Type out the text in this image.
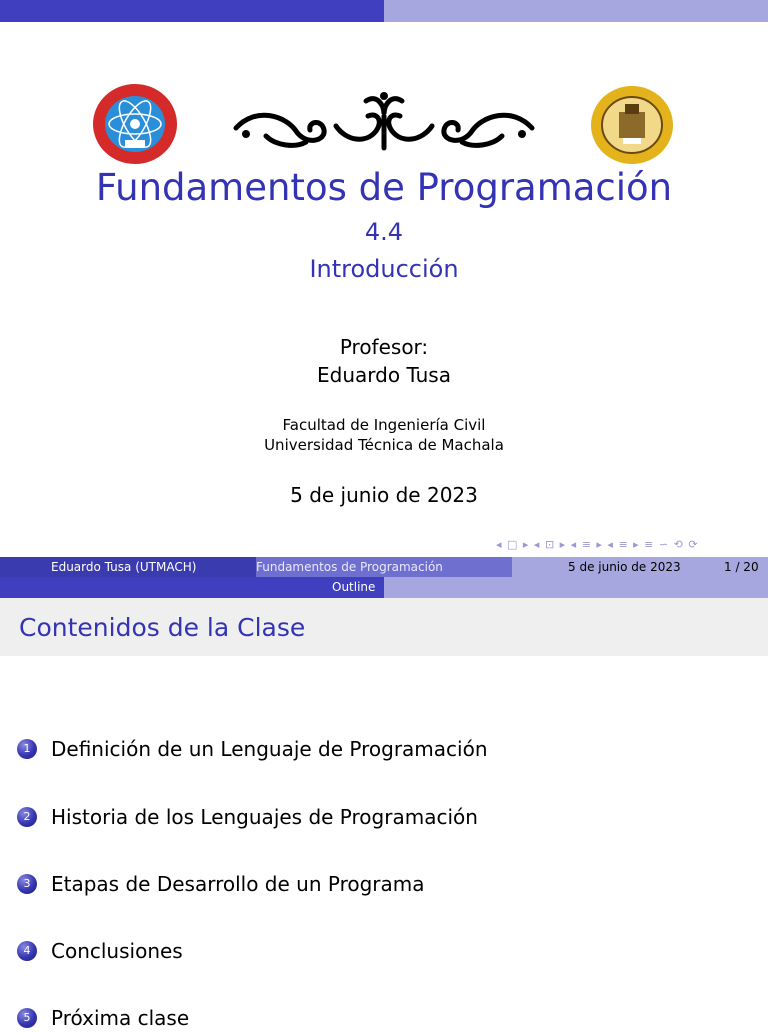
Fundamentos de Programación
4.4
Introducción
Profesor:
Eduardo Tusa
Facultad de Ingeniería Civil
Universidad Técnica de Machala
5 de junio de 2023
◂ □ ▸ ◂ ⊡ ▸ ◂ ≡ ▸ ◂ ≡ ▸ ≡ ∽ ⟲ ⟳
Eduardo Tusa (UTMACH)	Fundamentos de Programación	5 de junio de 2023	1 / 20
Outline
Contenidos de la Clase
1	Definición de un Lenguaje de Programación
2	Historia de los Lenguajes de Programación
3	Etapas de Desarrollo de un Programa
4	Conclusiones
5	Próxima clase
